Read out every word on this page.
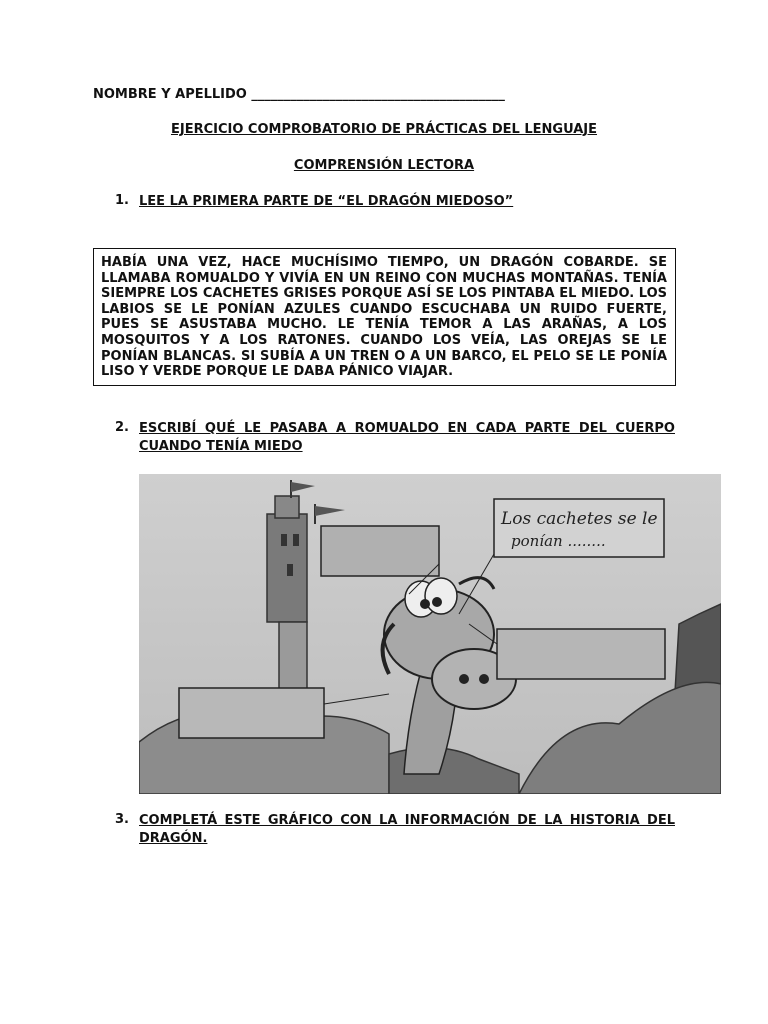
NOMBRE Y APELLIDO _______________________________________
EJERCICIO COMPROBATORIO DE PRÁCTICAS DEL LENGUAJE
COMPRENSIÓN LECTORA
1. LEE LA PRIMERA PARTE DE “EL DRAGÓN MIEDOSO”
HABÍA UNA VEZ, HACE MUCHÍSIMO TIEMPO, UN DRAGÓN COBARDE. SE LLAMABA ROMUALDO Y VIVÍA EN UN REINO CON MUCHAS MONTAÑAS. TENÍA SIEMPRE LOS CACHETES GRISES PORQUE ASÍ SE LOS PINTABA EL MIEDO. LOS LABIOS SE LE PONÍAN AZULES CUANDO ESCUCHABA UN RUIDO FUERTE, PUES SE ASUSTABA MUCHO. LE TENÍA TEMOR A LAS ARAÑAS, A LOS MOSQUITOS Y A LOS RATONES. CUANDO LOS VEÍA, LAS OREJAS SE LE PONÍAN BLANCAS. SI SUBÍA A UN TREN O A UN BARCO, EL PELO SE LE PONÍA LISO Y VERDE PORQUE LE DABA PÁNICO VIAJAR.
2. ESCRIBÍ QUÉ LE PASABA A ROMUALDO EN CADA PARTE DEL CUERPO CUANDO TENÍA MIEDO
Los cachetes se le
ponían ........
3. COMPLETÁ ESTE GRÁFICO CON LA INFORMACIÓN DE LA HISTORIA DEL DRAGÓN.
